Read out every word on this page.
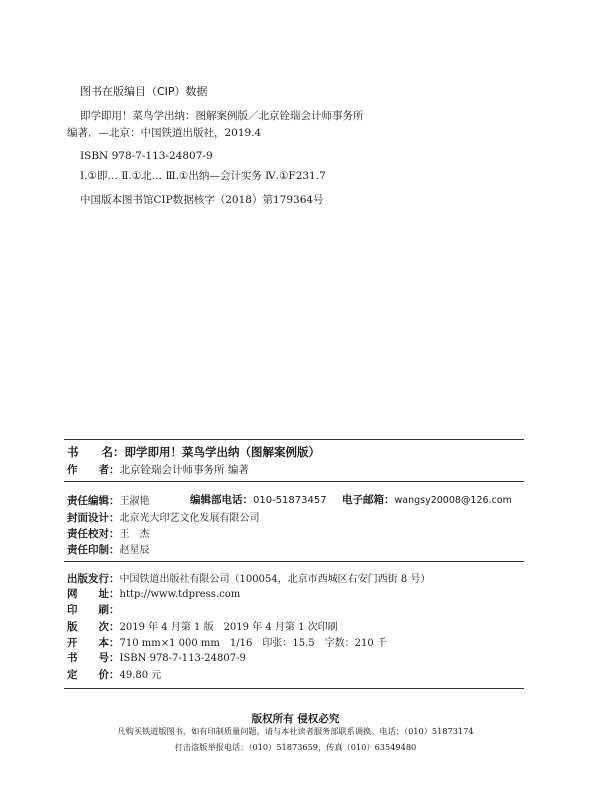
图书在版编目（CIP）数据
即学即用！菜鸟学出纳：图解案例版／北京铨瑞会计师事务所
编著．—北京：中国铁道出版社，2019.4
ISBN 978-7-113-24807-9
Ⅰ.①即… Ⅱ.①北… Ⅲ.①出纳—会计实务 Ⅳ.①F231.7
中国版本图书馆CIP数据核字（2018）第179364号
书　　名：即学即用！菜鸟学出纳（图解案例版）
作　　者：北京铨瑞会计师事务所 编著
责任编辑：王淑艳	编辑部电话：010-51873457 电子邮箱：wangsy20008@126.com
封面设计：北京光大印艺文化发展有限公司
责任校对：王　杰
责任印制：赵星辰
出版发行：中国铁道出版社有限公司（100054，北京市西城区右安门西街 8 号）
网　　址：http://www.tdpress.com
印　　刷：
版　　次：2019 年 4 月第 1 版　2019 年 4 月第 1 次印刷
开　　本：710 mm×1 000 mm　1/16　印张：15.5　字数：210 千
书　　号：ISBN 978-7-113-24807-9
定　　价：49.80 元
版权所有 侵权必究
凡购买铁道版图书，如有印制质量问题，请与本社读者服务部联系调换。电话：（010）51873174
打击盗版举报电话：（010）51873659，传真（010）63549480
